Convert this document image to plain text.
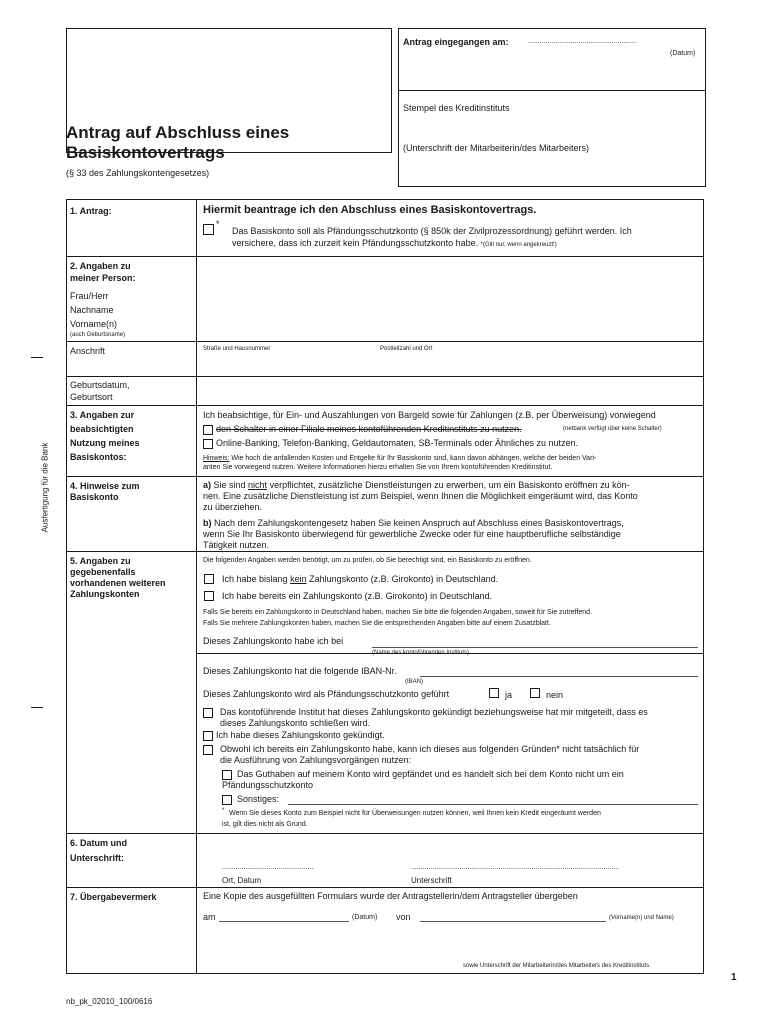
Antrag eingegangen am:	........................................................
(Datum)
Stempel des Kreditinstituts
(Unterschrift der Mitarbeiterin/des Mitarbeiters)
Antrag auf Abschluss eines
Basiskontovertrags
(§ 33 des Zahlungskontengesetzes)
Ausfertigung für die Bank
1. Antrag:	Hiermit beantrage ich den Abschluss eines Basiskontovertrags.
*
Das Basiskonto soll als Pfändungsschutzkonto (§ 850k der Zivilprozessordnung) geführt werden. Ich
versichere, dass ich zurzeit kein Pfändungsschutzkonto habe. *(Gilt nur, wenn angekreuzt!)
2. Angaben zu
meiner Person:
Frau/Herr
Nachname
Vorname(n)
(auch Geburtsname)
Anschrift	Straße und Hausnummer	Postleitzahl und Ort
Geburtsdatum,
Geburtsort
3. Angaben zur
beabsichtigten
Nutzung meines
Basiskontos:
Ich beabsichtige, für Ein- und Auszahlungen von Bargeld sowie für Zahlungen (z.B. per Überweisung) vorwiegend
den Schalter in einer Filiale meines kontoführenden Kreditinstituts zu nutzen.	(netbank verfügt über keine Schalter)
Online-Banking, Telefon-Banking, Geldautomaten, SB-Terminals oder Ähnliches zu nutzen.
Hinweis: Wie hoch die anfallenden Kosten und Entgelte für Ihr Basiskonto sind, kann davon abhängen, welche der beiden Vari-
anten Sie vorwiegend nutzen. Weitere Informationen hierzu erhalten Sie von Ihrem kontoführenden Kreditinstitut.
4. Hinweise zum
Basiskonto
a) Sie sind nicht verpflichtet, zusätzliche Dienstleistungen zu erwerben, um ein Basiskonto eröffnen zu kön-
nen. Eine zusätzliche Dienstleistung ist zum Beispiel, wenn Ihnen die Möglichkeit eingeräumt wird, das Konto
zu überziehen.
b) Nach dem Zahlungskontengesetz haben Sie keinen Anspruch auf Abschluss eines Basiskontovertrags,
wenn Sie Ihr Basiskonto überwiegend für gewerbliche Zwecke oder für eine hauptberufliche selbständige
Tätigkeit nutzen.
5. Angaben zu
gegebenenfalls
vorhandenen weiteren
Zahlungskonten
Die folgenden Angaben werden benötigt, um zu prüfen, ob Sie berechtigt sind, ein Basiskonto zu eröffnen.
Ich habe bislang kein Zahlungskonto (z.B. Girokonto) in Deutschland.
Ich habe bereits ein Zahlungskonto (z.B. Girokonto) in Deutschland.
Falls Sie bereits ein Zahlungskonto in Deutschland haben, machen Sie bitte die folgenden Angaben, soweit für Sie zutreffend.
Falls Sie mehrere Zahlungskonten haben, machen Sie die entsprechenden Angaben bitte auf einem Zusatzblatt.
Dieses Zahlungskonto habe ich bei
(Name des kontoführenden Instituts)
Dieses Zahlungskonto hat die folgende IBAN-Nr.
(IBAN)
Dieses Zahlungskonto wird als Pfändungsschutzkonto geführt	ja	nein
Das kontoführende Institut hat dieses Zahlungskonto gekündigt beziehungsweise hat mir mitgeteilt, dass es
dieses Zahlungskonto schließen wird.
Ich habe dieses Zahlungskonto gekündigt.
Obwohl ich bereits ein Zahlungskonto habe, kann ich dieses aus folgenden Gründen* nicht tatsächlich für
die Ausführung von Zahlungsvorgängen nutzen:
Das Guthaben auf meinem Konto wird gepfändet und es handelt sich bei dem Konto nicht um ein
Pfändungsschutzkonto
Sonstiges:
* Wenn Sie dieses Konto zum Beispiel nicht für Überweisungen nutzen können, weil Ihnen kein Kredit eingeräumt werden
ist, gilt dies nicht als Grund.
6. Datum und
Unterschrift:
...............................................	...........................................................................................................
Ort, Datum	Unterschrift
7. Übergabevermerk	Eine Kopie des ausgefüllten Formulars wurde der Antragstellerin/dem Antragsteller übergeben
am	(Datum) von	(Vorname(n) und Name)
sowie Unterschrift der Mitarbeiterin/des Mitarbeiters des Kreditinstituts
1
nb_pk_02010_100/0616
